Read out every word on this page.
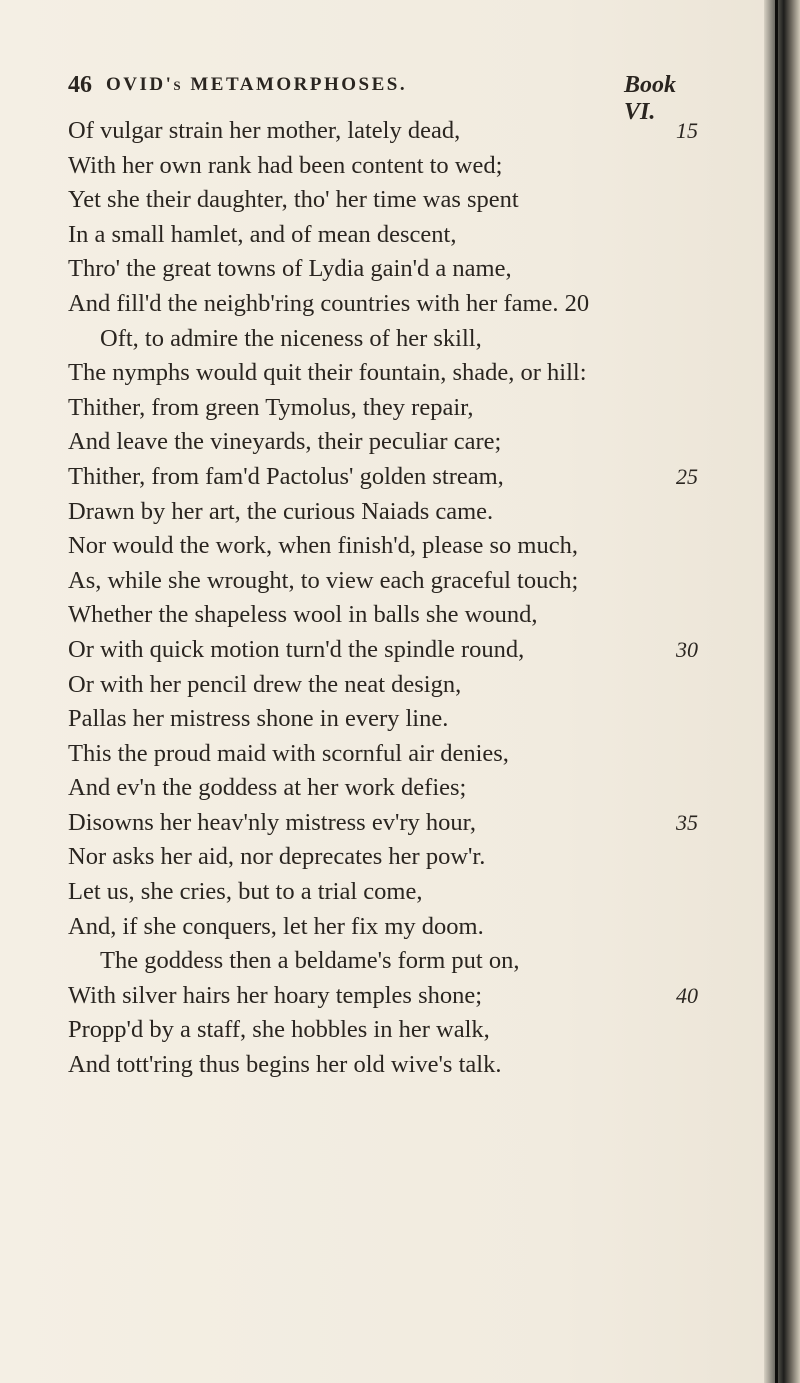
46 OVID's METAMORPHOSES.	Book VI.
Of vulgar strain her mother, lately dead,	15
With her own rank had been content to wed;
Yet she their daughter, tho' her time was spent
In a small hamlet, and of mean descent,
Thro' the great towns of Lydia gain'd a name,
And fill'd the neighb'ring countries with her fame. 20
Oft, to admire the niceness of her skill,
The nymphs would quit their fountain, shade, or hill:
Thither, from green Tymolus, they repair,
And leave the vineyards, their peculiar care;
Thither, from fam'd Pactolus' golden stream,	25
Drawn by her art, the curious Naiads came.
Nor would the work, when finish'd, please so much,
As, while she wrought, to view each graceful touch;
Whether the shapeless wool in balls she wound,
Or with quick motion turn'd the spindle round,	30
Or with her pencil drew the neat design,
Pallas her mistress shone in every line.
This the proud maid with scornful air denies,
And ev'n the goddess at her work defies;
Disowns her heav'nly mistress ev'ry hour,	35
Nor asks her aid, nor deprecates her pow'r.
Let us, she cries, but to a trial come,
And, if she conquers, let her fix my doom.
The goddess then a beldame's form put on,
With silver hairs her hoary temples shone;	40
Propp'd by a staff, she hobbles in her walk,
And tott'ring thus begins her old wive's talk.
